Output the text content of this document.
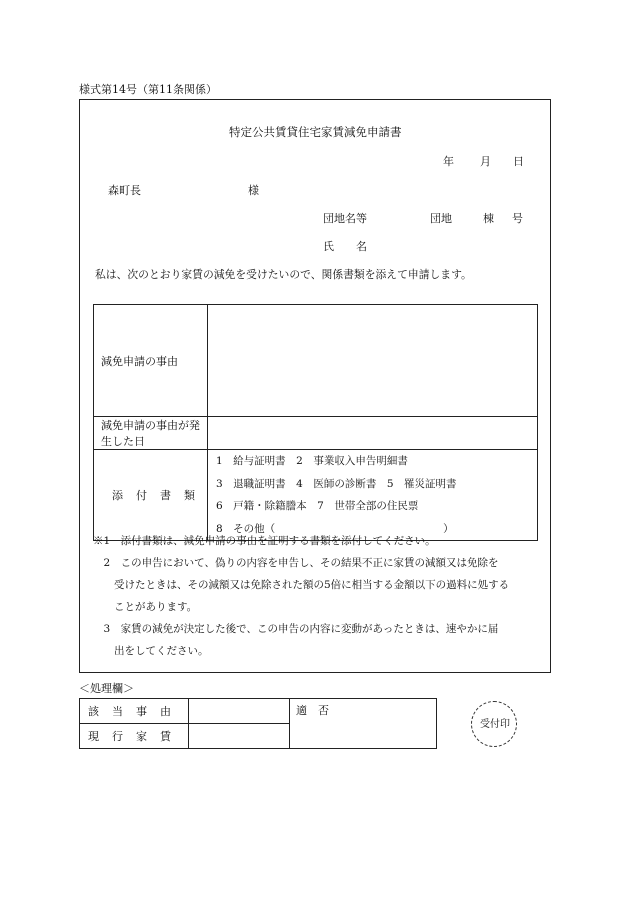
様式第14号（第11条関係）
特定公共賃貸住宅家賃減免申請書
年 月 日
森町長	様
団地名等	団地	棟 号
氏　　名
私は、次のとおり家賃の減免を受けたいので、関係書類を添えて申請します。
減免申請の事由	
減免申請の事由が発生した日	
添　付　書　類	1　給与証明書　2　事業収入申告明細書
3　退職証明書　4　医師の診断書　5　罹災証明書
6　戸籍・除籍謄本　7　世帯全部の住民票
8　その他（　　　　　　　　　　　　　　　　）
※1　添付書類は、減免申請の事由を証明する書類を添付してください。
　2　この申告において、偽りの内容を申告し、その結果不正に家賃の減額又は免除を
　　受けたときは、その減額又は免除された額の5倍に相当する金額以下の過料に処する
　　ことがあります。
　3　家賃の減免が決定した後で、この申告の内容に変動があったときは、速やかに届
　　出をしてください。
＜処理欄＞
該　当　事　由		適　否
現　行　家　賃		
受付印
